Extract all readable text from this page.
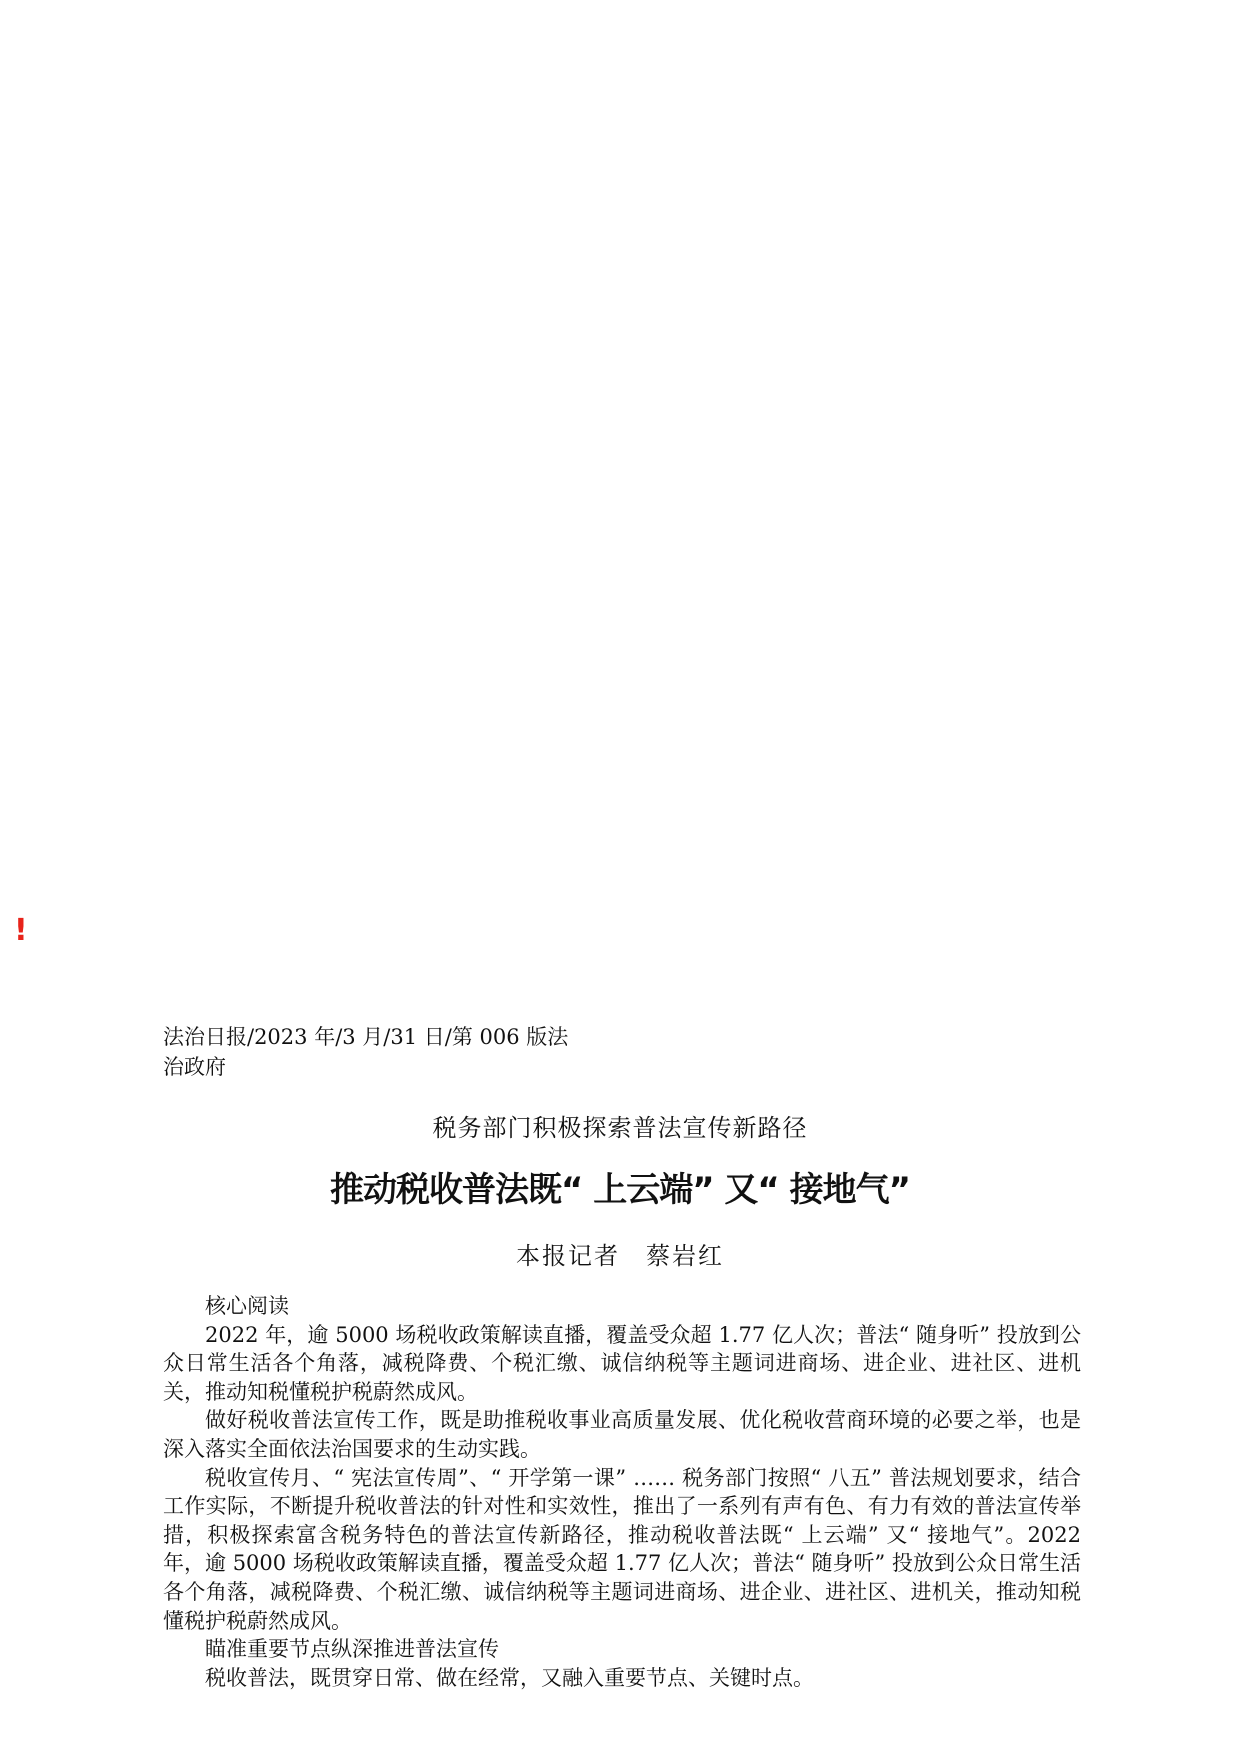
!
法治日报/2023 年/3 月/31 日/第 006 版法治政府
税务部门积极探索普法宣传新路径
推动税收普法既“ 上云端” 又“ 接地气”
本报记者　蔡岩红

核心阅读

2022 年，逾 5000 场税收政策解读直播，覆盖受众超 1.77 亿人次；普法“ 随身听” 投放到公众日常生活各个角落，减税降费、个税汇缴、诚信纳税等主题词进商场、进企业、进社区、进机关，推动知税懂税护税蔚然成风。

做好税收普法宣传工作，既是助推税收事业高质量发展、优化税收营商环境的必要之举，也是深入落实全面依法治国要求的生动实践。

税收宣传月、“ 宪法宣传周”、“ 开学第一课” …… 税务部门按照“ 八五” 普法规划要求，结合工作实际，不断提升税收普法的针对性和实效性，推出了一系列有声有色、有力有效的普法宣传举措，积极探索富含税务特色的普法宣传新路径，推动税收普法既“ 上云端” 又“ 接地气”。2022 年，逾 5000 场税收政策解读直播，覆盖受众超 1.77 亿人次；普法“ 随身听” 投放到公众日常生活各个角落，减税降费、个税汇缴、诚信纳税等主题词进商场、进企业、进社区、进机关，推动知税懂税护税蔚然成风。

瞄准重要节点纵深推进普法宣传

税收普法，既贯穿日常、做在经常，又融入重要节点、关键时点。
